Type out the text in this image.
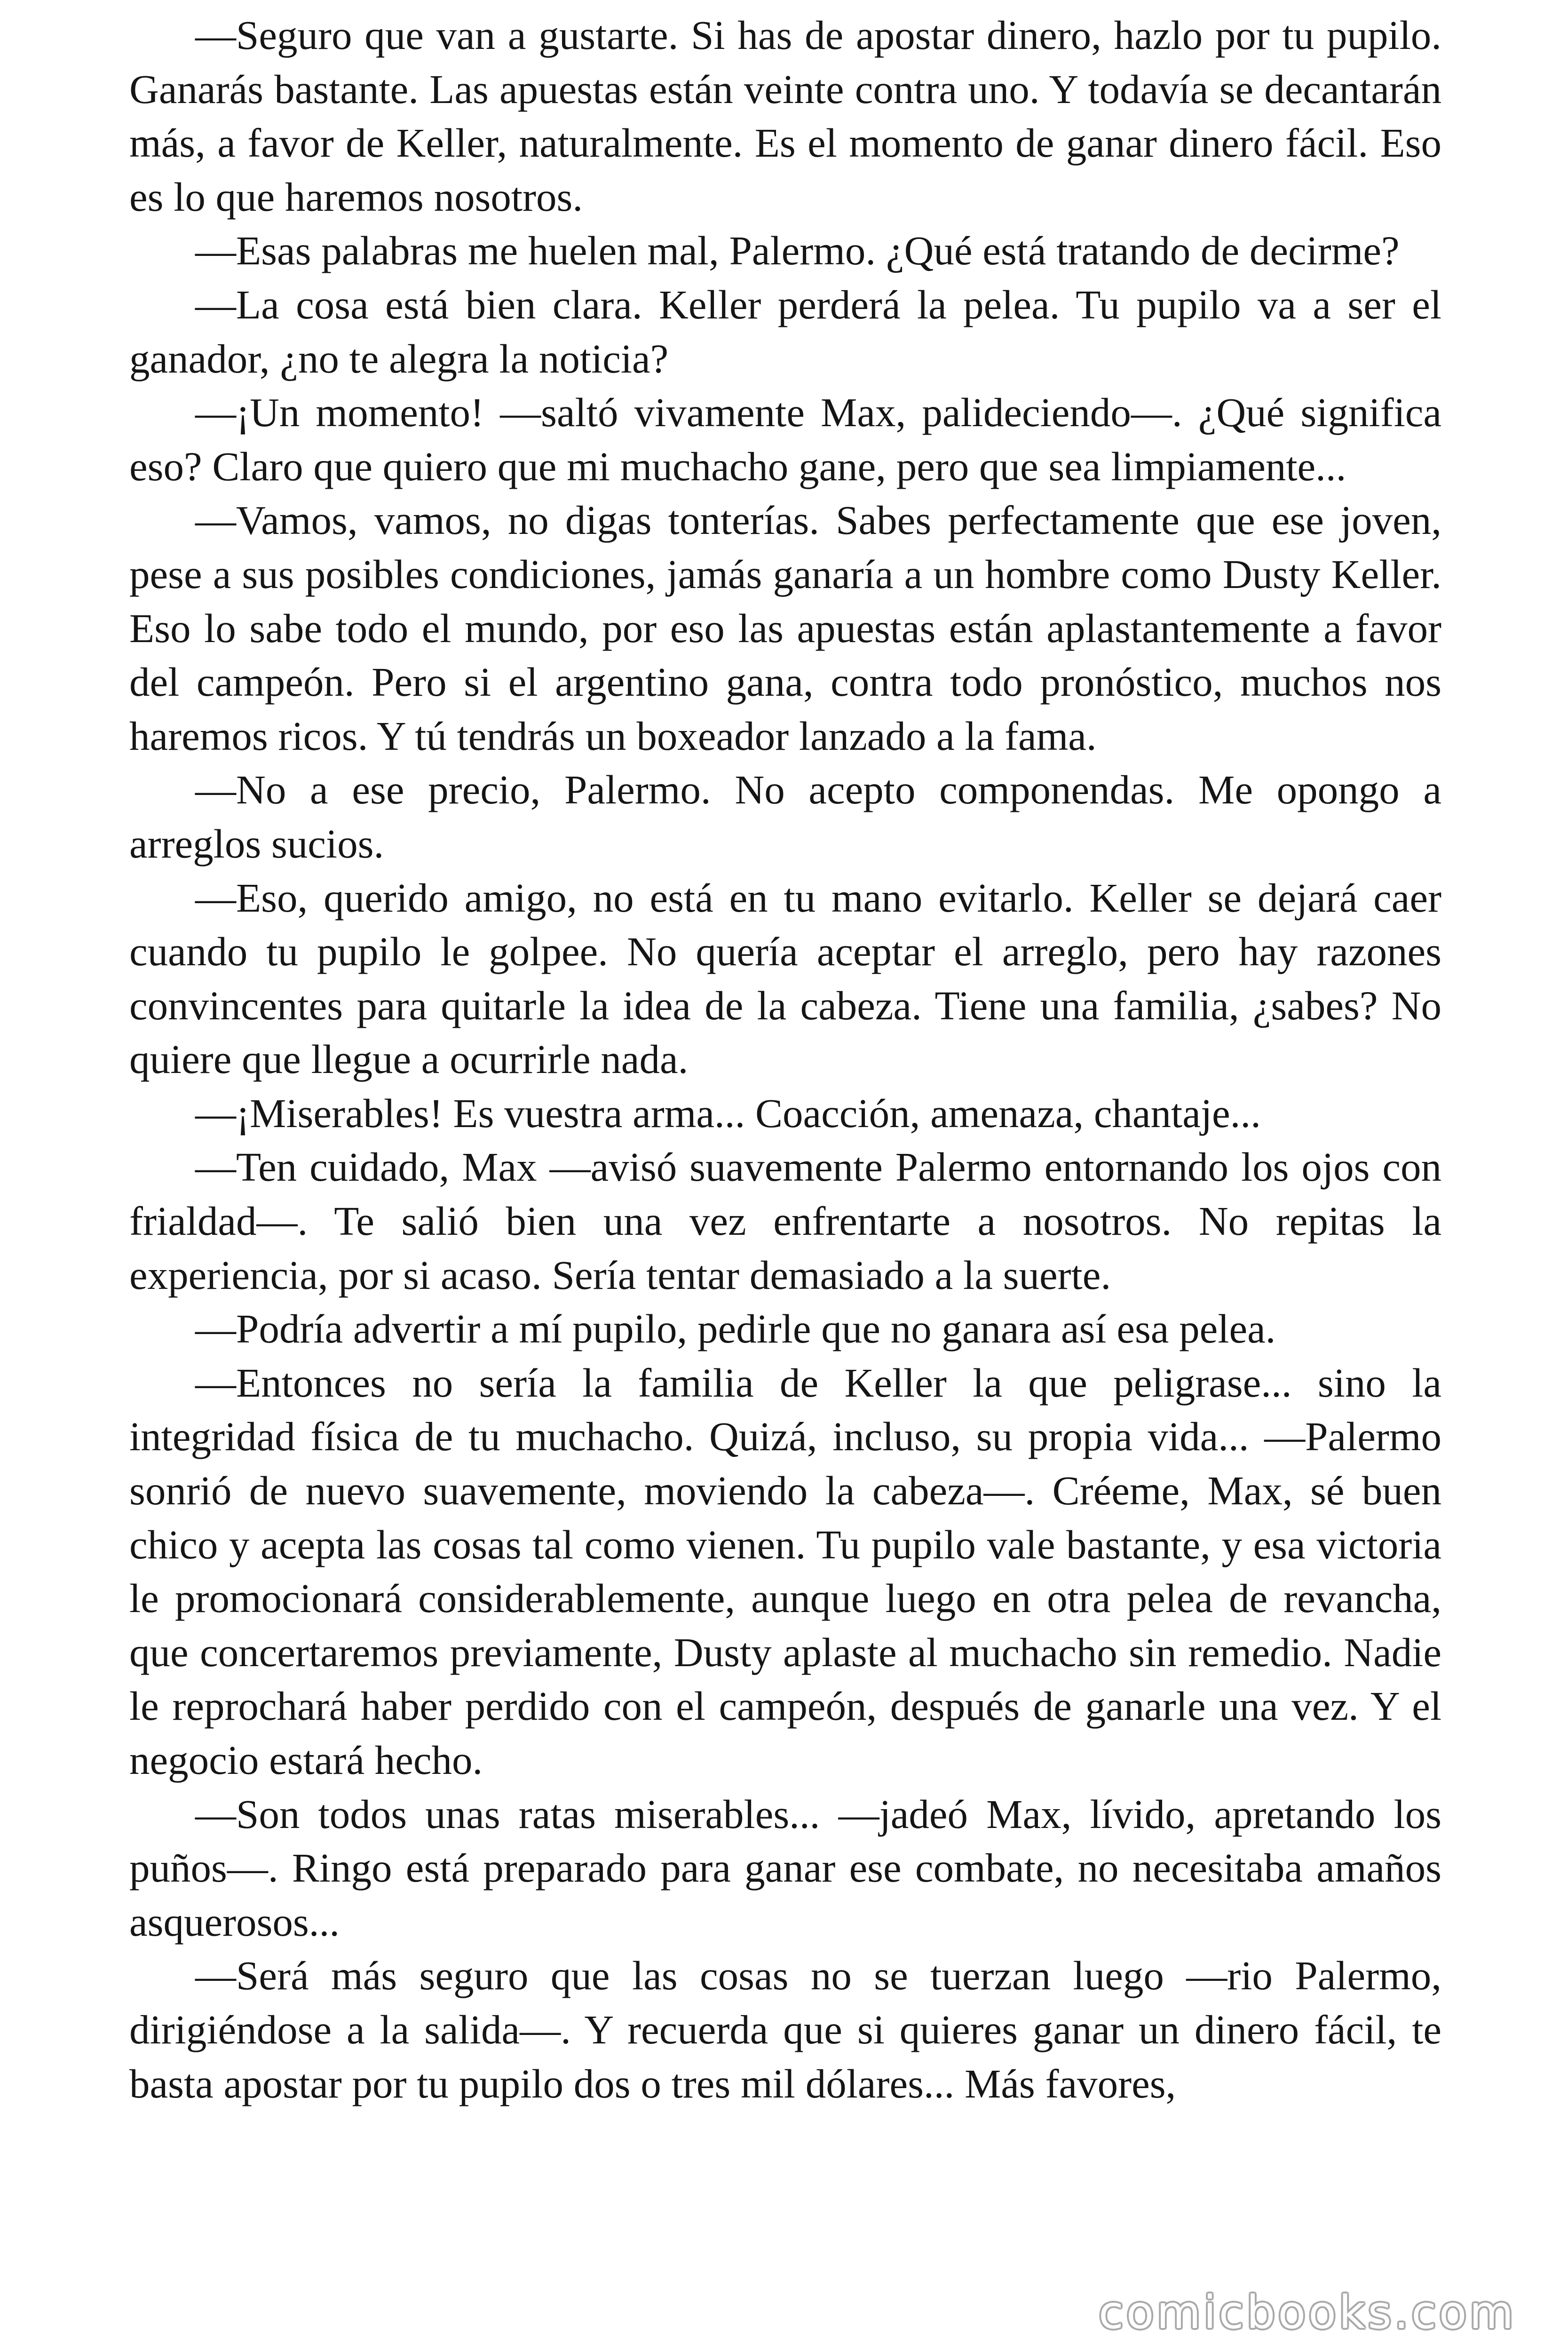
—Seguro que van a gustarte. Si has de apostar dinero, hazlo por tu pupilo. Ganarás bastante. Las apuestas están veinte contra uno. Y todavía se decantarán más, a favor de Keller, naturalmente. Es el momento de ganar dinero fácil. Eso es lo que haremos nosotros.

—Esas palabras me huelen mal, Palermo. ¿Qué está tratando de decirme?

—La cosa está bien clara. Keller perderá la pelea. Tu pupilo va a ser el ganador, ¿no te alegra la noticia?

—¡Un momento! —saltó vivamente Max, palideciendo—. ¿Qué significa eso? Claro que quiero que mi muchacho gane, pero que sea limpiamente...

—Vamos, vamos, no digas tonterías. Sabes perfectamente que ese joven, pese a sus posibles condiciones, jamás ganaría a un hombre como Dusty Keller. Eso lo sabe todo el mundo, por eso las apuestas están aplastantemente a favor del campeón. Pero si el argentino gana, contra todo pronóstico, muchos nos haremos ricos. Y tú tendrás un boxeador lanzado a la fama.

—No a ese precio, Palermo. No acepto componendas. Me opongo a arreglos sucios.

—Eso, querido amigo, no está en tu mano evitarlo. Keller se dejará caer cuando tu pupilo le golpee. No quería aceptar el arreglo, pero hay razones convincentes para quitarle la idea de la cabeza. Tiene una familia, ¿sabes? No quiere que llegue a ocurrirle nada.

—¡Miserables! Es vuestra arma... Coacción, amenaza, chantaje...

—Ten cuidado, Max —avisó suavemente Palermo entornando los ojos con frialdad—. Te salió bien una vez enfrentarte a nosotros. No repitas la experiencia, por si acaso. Sería tentar demasiado a la suerte.

—Podría advertir a mí pupilo, pedirle que no ganara así esa pelea.

—Entonces no sería la familia de Keller la que peligrase... sino la integridad física de tu muchacho. Quizá, incluso, su propia vida... —Palermo sonrió de nuevo suavemente, moviendo la cabeza—. Créeme, Max, sé buen chico y acepta las cosas tal como vienen. Tu pupilo vale bastante, y esa victoria le promocionará considerablemente, aunque luego en otra pelea de revancha, que concertaremos previamente, Dusty aplaste al muchacho sin remedio. Nadie le reprochará haber perdido con el campeón, después de ganarle una vez. Y el negocio estará hecho.

—Son todos unas ratas miserables... —jadeó Max, lívido, apretando los puños—. Ringo está preparado para ganar ese combate, no necesitaba amaños asquerosos...

—Será más seguro que las cosas no se tuerzan luego —rio Palermo, dirigiéndose a la salida—. Y recuerda que si quieres ganar un dinero fácil, te basta apostar por tu pupilo dos o tres mil dólares... Más favores,

comicbooks.com
